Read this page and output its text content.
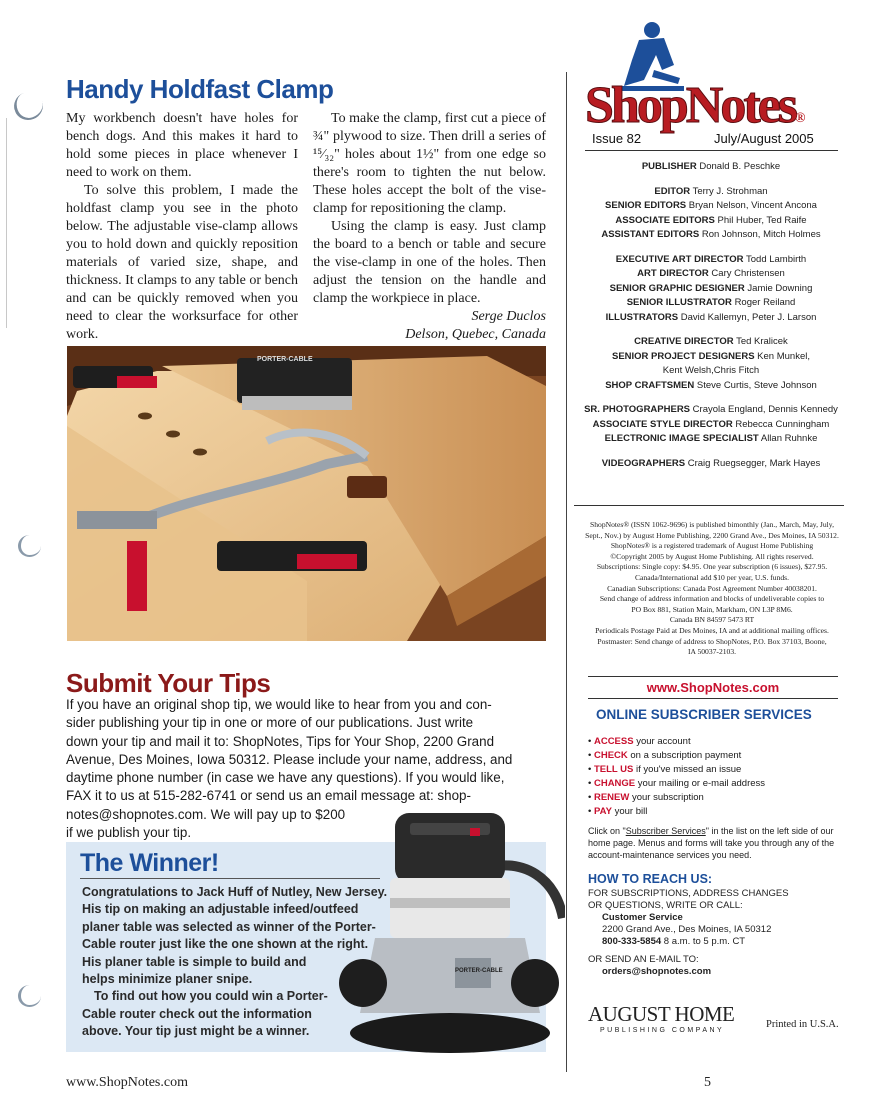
Handy Holdfast Clamp

My workbench doesn't have holes for bench dogs. And this makes it hard to hold some pieces in place whenever I need to work on them.

To solve this problem, I made the holdfast clamp you see in the photo below. The adjustable vise-clamp allows you to hold down and quickly reposition materials of varied size, shape, and thickness. It clamps to any table or bench and can be quickly removed when you need to clear the worksurface for other work.

To make the clamp, first cut a piece of ¾" plywood to size. Then drill a series of ¹⁵⁄₃₂" holes about 1½" from one edge so there's room to tighten the nut below. These holes accept the bolt of the vise-clamp for repositioning the clamp.

Using the clamp is easy. Just clamp the board to a bench or table and secure the vise-clamp in one of the holes. Then adjust the tension on the handle and clamp the workpiece in place.

Serge Duclos
Delson, Quebec, Canada
PORTER-CABLE
Submit Your Tips

If you have an original shop tip, we would like to hear from you and con-

sider publishing your tip in one or more of our publications. Just write

down your tip and mail it to: ShopNotes, Tips for Your Shop, 2200 Grand

Avenue, Des Moines, Iowa 50312. Please include your name, address, and

daytime phone number (in case we have any questions). If you would like,

FAX it to us at 515-282-6741 or send us an email message at: shop-

notes@shopnotes.com. We will pay up to $200

if we publish your tip.

The Winner!

Congratulations to Jack Huff of Nutley, New Jersey.

His tip on making an adjustable infeed/outfeed

planer table was selected as winner of the Porter-

Cable router just like the one shown at the right.

His planer table is simple to build and

helps minimize planer snipe.

To find out how you could win a Porter-

Cable router check out the information

above. Your tip just might be a winner.

PORTER-CABLE
ShopNotes®
Issue 82	July/August 2005
PUBLISHER Donald B. Peschke
EDITOR Terry J. Strohman
SENIOR EDITORS Bryan Nelson, Vincent Ancona
ASSOCIATE EDITORS Phil Huber, Ted Raife
ASSISTANT EDITORS Ron Johnson, Mitch Holmes
EXECUTIVE ART DIRECTOR Todd Lambirth
ART DIRECTOR Cary Christensen
SENIOR GRAPHIC DESIGNER Jamie Downing
SENIOR ILLUSTRATOR Roger Reiland
ILLUSTRATORS David Kallemyn, Peter J. Larson
CREATIVE DIRECTOR Ted Kralicek
SENIOR PROJECT DESIGNERS Ken Munkel,
Kent Welsh,Chris Fitch
SHOP CRAFTSMEN Steve Curtis, Steve Johnson
SR. PHOTOGRAPHERS Crayola England, Dennis Kennedy
ASSOCIATE STYLE DIRECTOR Rebecca Cunningham
ELECTRONIC IMAGE SPECIALIST Allan Ruhnke
VIDEOGRAPHERS Craig Ruegsegger, Mark Hayes
ShopNotes® (ISSN 1062-9696) is published bimonthly (Jan., March, May, July,
Sept., Nov.) by August Home Publishing, 2200 Grand Ave., Des Moines, IA 50312.
ShopNotes® is a registered trademark of August Home Publishing
©Copyright 2005 by August Home Publishing. All rights reserved.
Subscriptions: Single copy: $4.95. One year subscription (6 issues), $27.95.
Canada/International add $10 per year, U.S. funds.
Canadian Subscriptions: Canada Post Agreement Number 40038201.
Send change of address information and blocks of undeliverable copies to
PO Box 881, Station Main, Markham, ON L3P 8M6.
Canada BN 84597 5473 RT
Periodicals Postage Paid at Des Moines, IA and at additional mailing offices.
Postmaster: Send change of address to ShopNotes, P.O. Box 37103, Boone,
IA 50037-2103.
www.ShopNotes.com
ONLINE SUBSCRIBER SERVICES
• ACCESS your account
• CHECK on a subscription payment
• TELL US if you've missed an issue
• CHANGE your mailing or e-mail address
• RENEW your subscription
• PAY your bill
Click on "Subscriber Services" in the list on the left side of our home page. Menus and forms will take you through any of the account-maintenance services you need.
HOW TO REACH US:
FOR SUBSCRIPTIONS, ADDRESS CHANGES
OR QUESTIONS, WRITE OR CALL:
Customer Service
2200 Grand Ave., Des Moines, IA 50312
800-333-5854 8 a.m. to 5 p.m. CT
OR SEND AN E-MAIL TO:
orders@shopnotes.com
AUGUST HOME
PUBLISHING COMPANY
Printed in U.S.A.
www.ShopNotes.com	5
